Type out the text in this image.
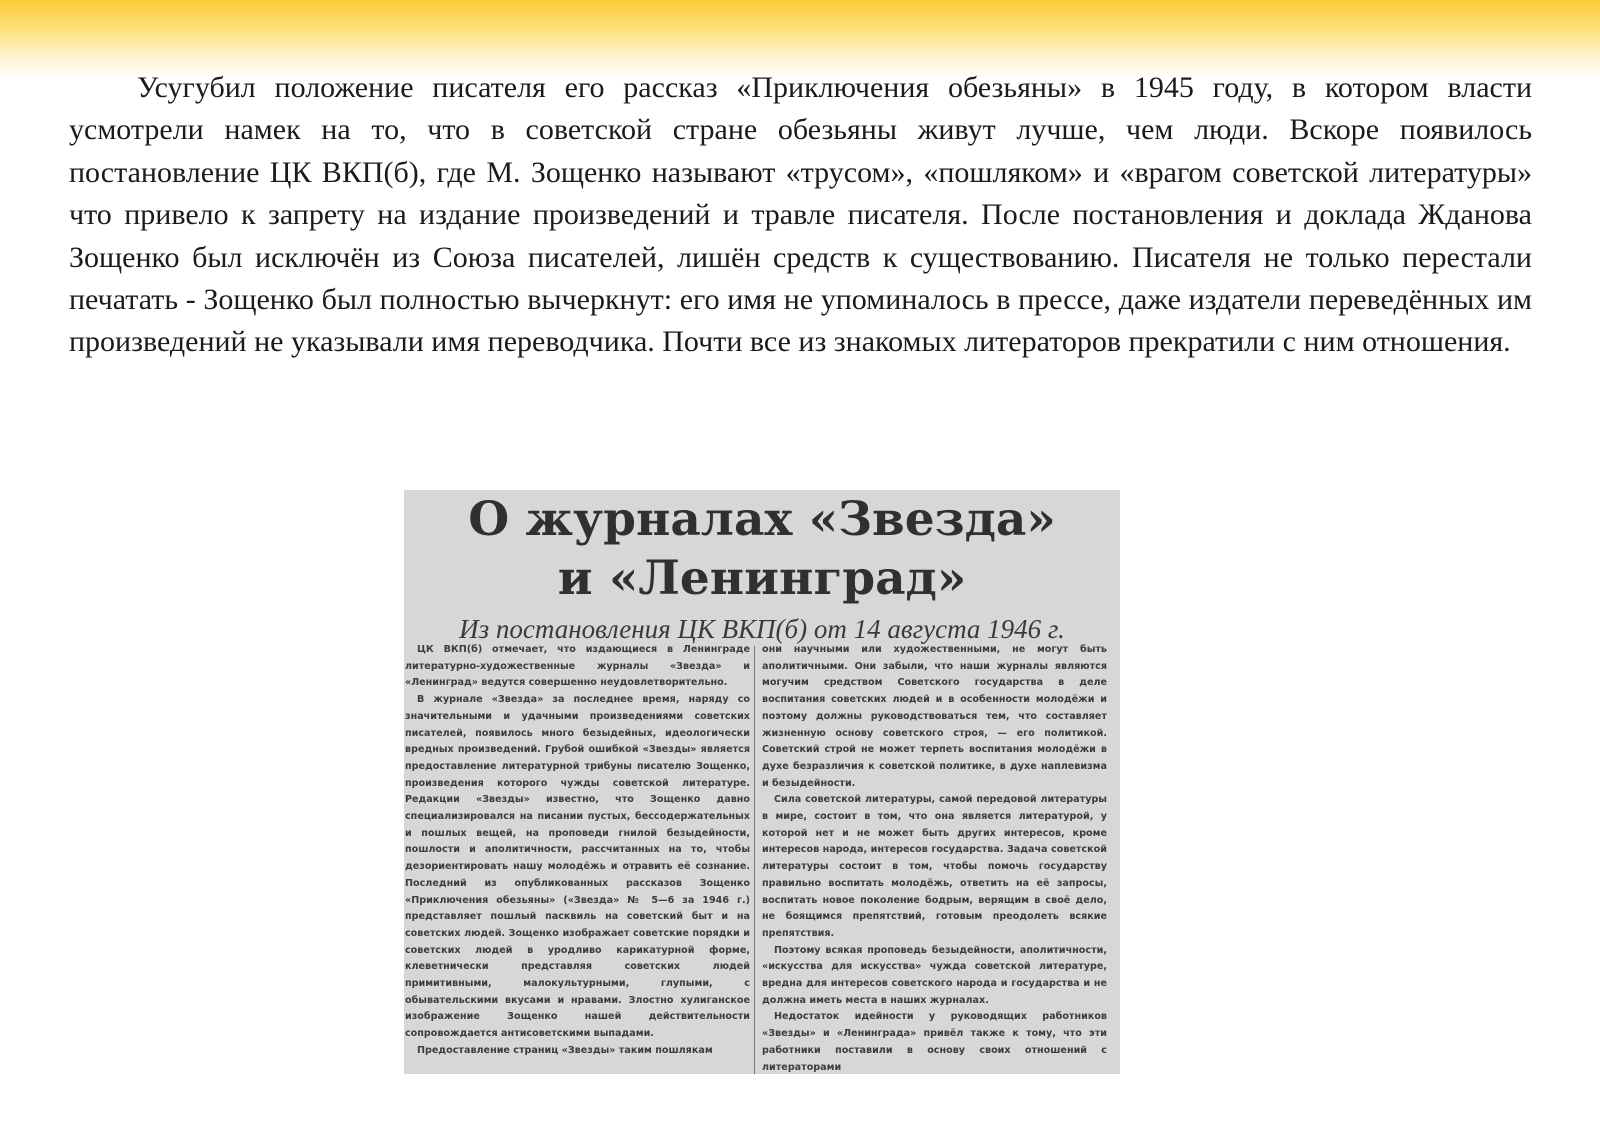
Усугубил положение писателя его рассказ «Приключения обезьяны» в 1945 году, в котором власти усмотрели намек на то, что в советской стране обезьяны живут лучше, чем люди. Вскоре появилось постановление ЦК ВКП(б), где М. Зощенко называют «трусом», «пошляком» и «врагом советской литературы» что привело к запрету на издание произведений и травле писателя. После постановления и доклада Жданова Зощенко был исключён из Союза писателей, лишён средств к существованию. Писателя не только перестали печатать - Зощенко был полностью вычеркнут: его имя не упоминалось в прессе, даже издатели переведённых им произведений не указывали имя переводчика. Почти все из знакомых литераторов прекратили с ним отношения.

О журналах «Звезда»
и «Ленинград»
Из постановления ЦК ВКП(б) от 14 августа 1946 г.

ЦК ВКП(б) отмечает, что издающиеся в Ленинграде литературно-художественные журналы «Звезда» и «Ленинград» ведутся совершенно неудовлетворительно.

В журнале «Звезда» за последнее время, наряду со значительными и удачными произведениями советских писателей, появилось много безыдейных, идеологически вредных произведений. Грубой ошибкой «Звезды» является предоставление литературной трибуны писателю Зощенко, произведения которого чужды советской литературе. Редакции «Звезды» известно, что Зощенко давно специализировался на писании пустых, бессодержательных и пошлых вещей, на проповеди гнилой безыдейности, пошлости и аполитичности, рассчитанных на то, чтобы дезориентировать нашу молодёжь и отравить её сознание. Последний из опубликованных рассказов Зощенко «Приключения обезьяны» («Звезда» № 5—6 за 1946 г.) представляет пошлый пасквиль на советский быт и на советских людей. Зощенко изображает советские порядки и советских людей в уродливо карикатурной форме, клеветнически представляя советских людей примитивными, малокультурными, глупыми, с обывательскими вкусами и нравами. Злостно хулиганское изображение Зощенко нашей действительности сопровождается антисоветскими выпадами.

Предоставление страниц «Звезды» таким пошлякам

они научными или художественными, не могут быть аполитичными. Они забыли, что наши журналы являются могучим средством Советского государства в деле воспитания советских людей и в особенности молодёжи и поэтому должны руководствоваться тем, что составляет жизненную основу советского строя, — его политикой. Советский строй не может терпеть воспитания молодёжи в духе безразличия к советской политике, в духе наплевизма и безыдейности.

Сила советской литературы, самой передовой литературы в мире, состоит в том, что она является литературой, у которой нет и не может быть других интересов, кроме интересов народа, интересов государства. Задача советской литературы состоит в том, чтобы помочь государству правильно воспитать молодёжь, ответить на её запросы, воспитать новое поколение бодрым, верящим в своё дело, не боящимся препятствий, готовым преодолеть всякие препятствия.

Поэтому всякая проповедь безыдейности, аполитичности, «искусства для искусства» чужда советской литературе, вредна для интересов советского народа и государства и не должна иметь места в наших журналах.

Недостаток идейности у руководящих работников «Звезды» и «Ленинграда» привёл также к тому, что эти работники поставили в основу своих отношений с литераторами
